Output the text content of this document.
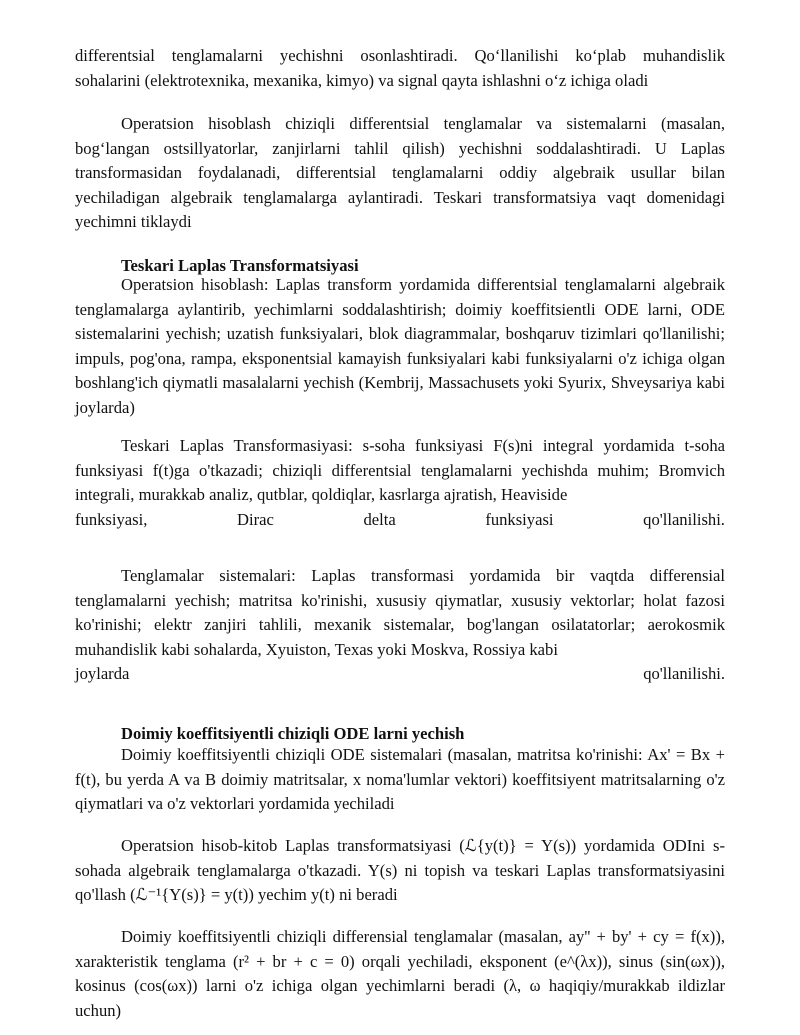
differentsial tenglamalarni yechishni osonlashtiradi. Qo‘llanilishi ko‘plab muhandislik
sohalarini (elektrotexnika, mexanika, kimyo) va signal qayta ishlashni o‘z ichiga oladi

Operatsion hisoblash chiziqli differentsial tenglamalar va sistemalarni (masalan, bog‘langan ostsillyatorlar, zanjirlarni tahlil qilish) yechishni soddalashtiradi. U Laplas transformasidan foydalanadi, differentsial tenglamalarni oddiy algebraik usullar bilan yechiladigan algebraik tenglamalarga aylantiradi. Teskari transformatsiya vaqt domenidagi yechimni tiklaydi

Teskari Laplas Transformatsiyasi

Operatsion hisoblash: Laplas transform yordamida differentsial tenglamalarni algebraik tenglamalarga aylantirib, yechimlarni soddalashtirish; doimiy koeffitsientli ODE larni, ODE sistemalarini yechish; uzatish funksiyalari, blok diagrammalar, boshqaruv tizimlari qo'llanilishi; impuls, pog'ona, rampa, eksponentsial kamayish funksiyalari kabi funksiyalarni o'z ichiga olgan boshlang'ich qiymatli masalalarni yechish (Kembrij, Massachusets yoki Syurix, Shveysariya kabi joylarda)

Teskari Laplas Transformasiyasi: s-soha funksiyasi F(s)ni integral yordamida t-soha funksiyasi f(t)ga o'tkazadi; chiziqli differentsial tenglamalarni yechishda muhim; Bromvich integrali, murakkab analiz, qutblar, qoldiqlar, kasrlarga ajratish, Heaviside
funksiyasi,	Dirac	delta	funksiyasi	qo'llanilishi.
Tenglamalar sistemalari: Laplas transformasi yordamida bir vaqtda differensial tenglamalarni yechish; matritsa ko'rinishi, xususiy qiymatlar, xususiy vektorlar; holat fazosi ko'rinishi; elektr zanjiri tahlili, mexanik sistemalar, bog'langan osilatatorlar; aerokosmik muhandislik kabi sohalarda, Xyuiston, Texas yoki Moskva, Rossiya kabi
joylarda	qo'llanilishi.
Doimiy koeffitsiyentli chiziqli ODE larni yechish

Doimiy koeffitsiyentli chiziqli ODE sistemalari (masalan, matritsa ko'rinishi: Ax' = Bx + f(t), bu yerda A va B doimiy matritsalar, x noma'lumlar vektori) koeffitsiyent matritsalarning o'z qiymatlari va o'z vektorlari yordamida yechiladi

Operatsion hisob-kitob Laplas transformatsiyasi (ℒ{y(t)} = Y(s)) yordamida ODIni s-sohada algebraik tenglamalarga o'tkazadi. Y(s) ni topish va teskari Laplas transformatsiyasini qo'llash (ℒ⁻¹{Y(s)} = y(t)) yechim y(t) ni beradi

Doimiy koeffitsiyentli chiziqli differensial tenglamalar (masalan, ay'' + by' + cy = f(x)), xarakteristik tenglama (r² + br + c = 0) orqali yechiladi, eksponent (e^(λx)), sinus (sin(ωx)), kosinus (cos(ωx)) larni o'z ichiga olgan yechimlarni beradi (λ, ω haqiqiy/murakkab ildizlar uchun)
